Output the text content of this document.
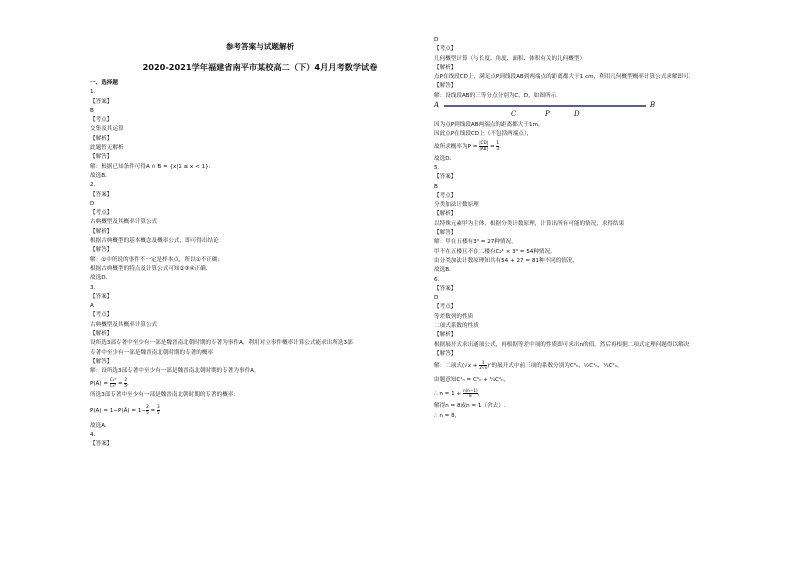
参考答案与试题解析
2020-2021学年福建省南平市某校高二（下）4月月考数学试卷
一、选择题
1.
【答案】
B
【考点】
交集及其运算
【解析】
此题暂无解析
【解答】
解：根据已知条件可得A ∩ B = {x|1 ≤ x < 1}.
故选B.
2.
【答案】
D
【考点】
古典概型及其概率计算公式
【解析】
根据古典概型的基本概念及概率公式，即可得出结论
【解答】
解：①中所说的事件不一定是样本点，所以①不正确；
根据古典概型的特点及计算公式可知②③④正确.
故选D.
3.
【答案】
A
【考点】
古典概型及其概率计算公式
【解析】
设所选3部专著中至少有一部是魏晋南北朝时期的专著为事件A，利用对立事件概率计算公式能求出所选3部
专著中至少有一部是魏晋南北朝时期的专著的概率
【解答】
解：设所选3部专著中至少有一部是魏晋南北朝时期的专著为事件A，
P(Ā) = $\frac{\text{C₁³}}{\text{C₅³}} = \frac{2}{5}$ ,
所选3部专著中至少有一部是魏晋南北朝时期的专著的概率：
P(A) = 1−P(Ā) = $1- \frac{2}{5} = \frac{3}{5}$
故选A.
4.
【答案】
D
【考点】
几何概型计算（与长度、角度、面积、体积有关的几何概型）
【解析】
点P在线段CD上，满足点P到线段AB到两端点的距离都大于1 cm，利用几何概型概率计算公式求解即可.
【解答】
解：设线段AB的三等分点分别为C，D，如图所示.
A
C	P	D
B
因为点P到线段AB两端点的距离都大于1m，
因此点P在线段CD上（不包括两端点），
故所求概率为$P = \frac{|CD|}{|AB|} = \frac{1}{3}$ .
故选D.
5.
【答案】
B
【考点】
分类加法计数原理
【解析】
以特殊元素甲为主体，根据分类计数原理，计算出所有可能的情况，求得结果
【解答】
解：甲在五楼有3³ = 27种情况，
甲不在五楼且不在二楼有C₂¹ × 3³ = 54种情况，
由分类加法计数原理知共有54 + 27 = 81种不同的情况，
故选B.
6.
【答案】
D
【考点】
等差数列的性质
二项式系数的性质
【解析】
根据展开式求出通项公式，再根据等差中项的性质即可求出n的值，然后再根据二项式定理问题得以解决
【解答】
解：二项式$(√x + \frac{1}{2√x} )^n$的展开式中前三项的系数分别为C⁰ₙ，½C¹ₙ，¼C²ₙ，
由题意知C¹ₙ = C⁰ₙ + ¼C²ₙ，
∴ $n = 1 + \frac{n(n-1)}{8}$ ，
解得n = 8或n = 1（舍去）.
∴ n = 8，
